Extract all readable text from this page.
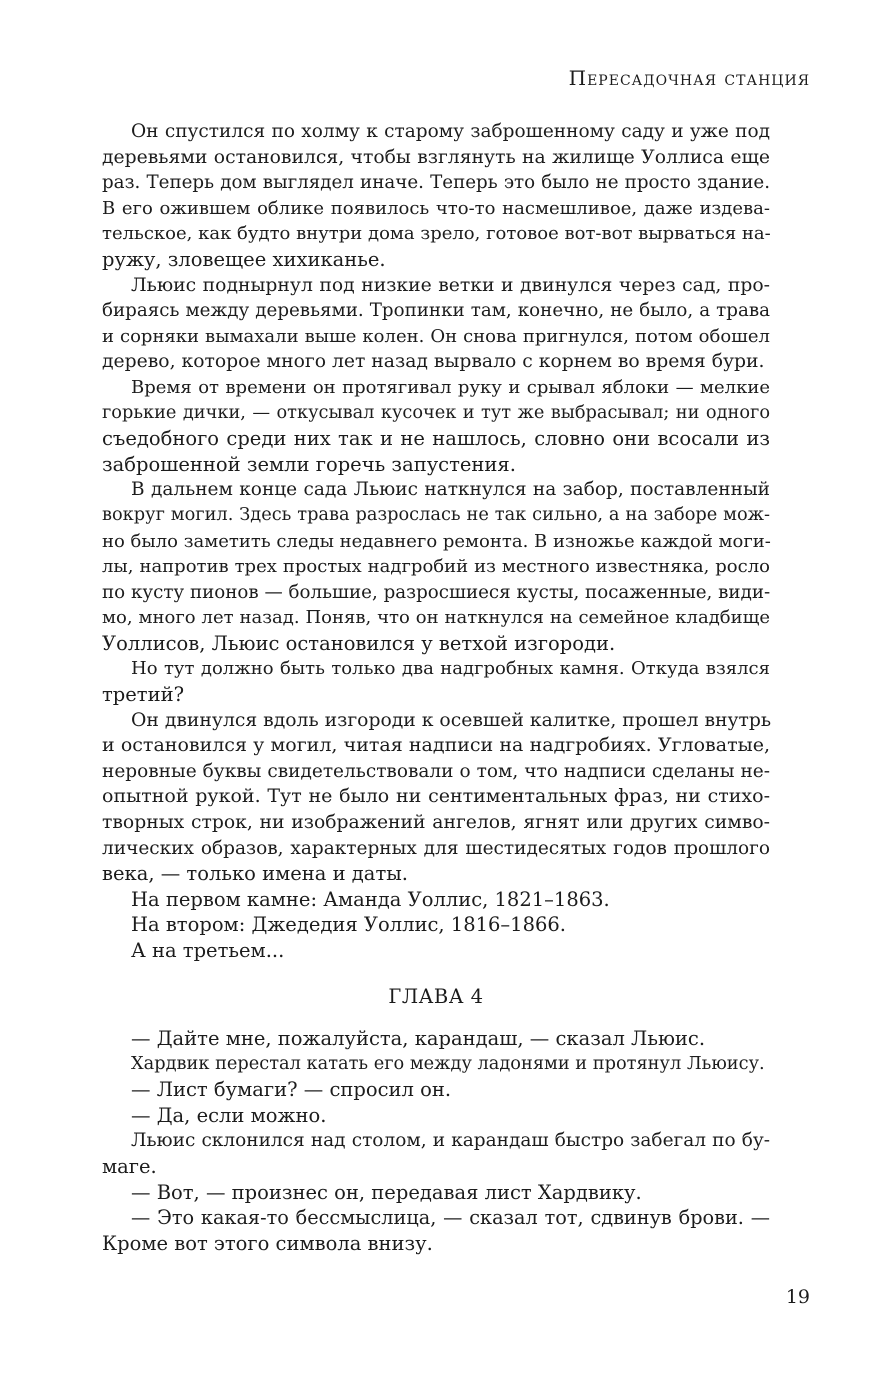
Пересадочная станция
Он спустился по холму к старому заброшенному саду и уже под
деревьями остановился, чтобы взглянуть на жилище Уоллиса еще
раз. Теперь дом выглядел иначе. Теперь это было не просто здание.
В его ожившем облике появилось что-то насмешливое, даже издева-
тельское, как будто внутри дома зрело, готовое вот-вот вырваться на-
ружу, зловещее хихиканье.
Льюис поднырнул под низкие ветки и двинулся через сад, про-
бираясь между деревьями. Тропинки там, конечно, не было, а трава
и сорняки вымахали выше колен. Он снова пригнулся, потом обошел
дерево, которое много лет назад вырвало с корнем во время бури.
Время от времени он протягивал руку и срывал яблоки — мелкие
горькие дички, — откусывал кусочек и тут же выбрасывал; ни одного
съедобного среди них так и не нашлось, словно они всосали из
заброшенной земли горечь запустения.
В дальнем конце сада Льюис наткнулся на забор, поставленный
вокруг могил. Здесь трава разрослась не так сильно, а на заборе мож-
но было заметить следы недавнего ремонта. В изножье каждой моги-
лы, напротив трех простых надгробий из местного известняка, росло
по кусту пионов — большие, разросшиеся кусты, посаженные, види-
мо, много лет назад. Поняв, что он наткнулся на семейное кладбище
Уоллисов, Льюис остановился у ветхой изгороди.
Но тут должно быть только два надгробных камня. Откуда взялся
третий?
Он двинулся вдоль изгороди к осевшей калитке, прошел внутрь
и остановился у могил, читая надписи на надгробиях. Угловатые,
неровные буквы свидетельствовали о том, что надписи сделаны не-
опытной рукой. Тут не было ни сентиментальных фраз, ни стихо-
творных строк, ни изображений ангелов, ягнят или других симво-
лических образов, характерных для шестидесятых годов прошлого
века, — только имена и даты.
На первом камне: Аманда Уоллис, 1821–1863.
На втором: Джедедия Уоллис, 1816–1866.
А на третьем...
ГЛАВА 4
— Дайте мне, пожалуйста, карандаш, — сказал Льюис.
Хардвик перестал катать его между ладонями и протянул Льюису.
— Лист бумаги? — спросил он.
— Да, если можно.
Льюис склонился над столом, и карандаш быстро забегал по бу-
маге.
— Вот, — произнес он, передавая лист Хардвику.
— Это какая-то бессмыслица, — сказал тот, сдвинув брови. —
Кроме вот этого символа внизу.
19
